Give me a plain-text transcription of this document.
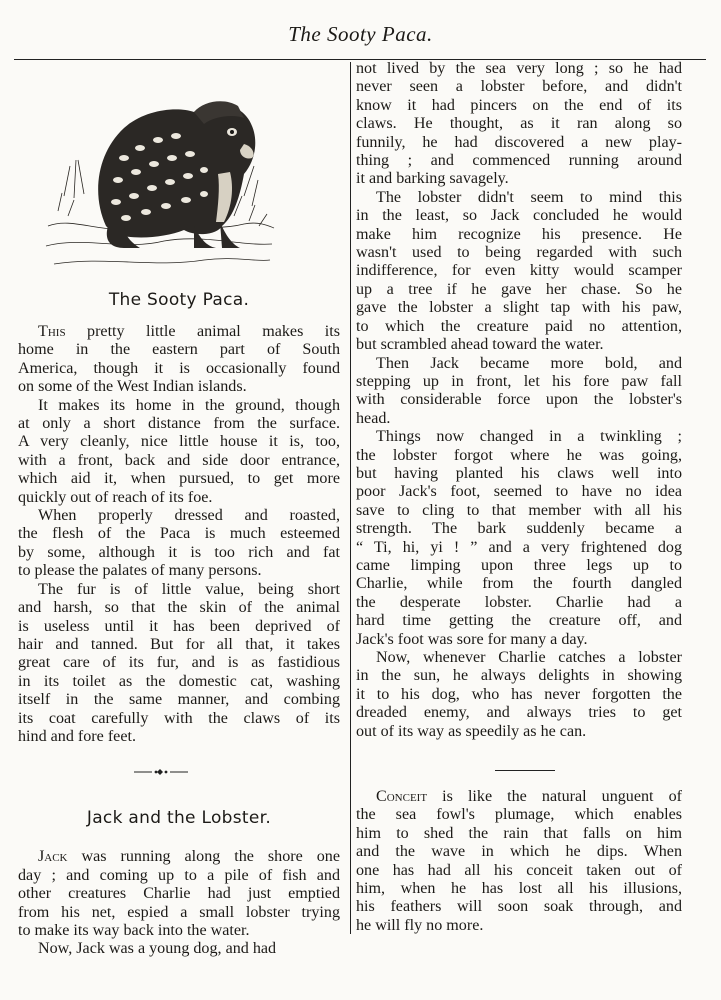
The Sooty Paca.
The Sooty Paca.
This pretty little animal makes its
home in the eastern part of South
America, though it is occasionally found
on some of the West Indian islands.
It makes its home in the ground, though
at only a short distance from the surface.
A very cleanly, nice little house it is, too,
with a front, back and side door entrance,
which aid it, when pursued, to get more
quickly out of reach of its foe.
When properly dressed and roasted,
the flesh of the Paca is much esteemed
by some, although it is too rich and fat
to please the palates of many persons.
The fur is of little value, being short
and harsh, so that the skin of the animal
is useless until it has been deprived of
hair and tanned. But for all that, it takes
great care of its fur, and is as fastidious
in its toilet as the domestic cat, washing
itself in the same manner, and combing
its coat carefully with the claws of its
hind and fore feet.
Jack and the Lobster.
Jack was running along the shore one
day ; and coming up to a pile of fish and
other creatures Charlie had just emptied
from his net, espied a small lobster trying
to make its way back into the water.
Now, Jack was a young dog, and had
not lived by the sea very long ; so he had
never seen a lobster before, and didn't
know it had pincers on the end of its
claws. He thought, as it ran along so
funnily, he had discovered a new play-
thing ; and commenced running around
it and barking savagely.
The lobster didn't seem to mind this
in the least, so Jack concluded he would
make him recognize his presence. He
wasn't used to being regarded with such
indifference, for even kitty would scamper
up a tree if he gave her chase. So he
gave the lobster a slight tap with his paw,
to which the creature paid no attention,
but scrambled ahead toward the water.
Then Jack became more bold, and
stepping up in front, let his fore paw fall
with considerable force upon the lobster's
head.
Things now changed in a twinkling ;
the lobster forgot where he was going,
but having planted his claws well into
poor Jack's foot, seemed to have no idea
save to cling to that member with all his
strength. The bark suddenly became a
“ Ti, hi, yi ! ” and a very frightened dog
came limping upon three legs up to
Charlie, while from the fourth dangled
the desperate lobster. Charlie had a
hard time getting the creature off, and
Jack's foot was sore for many a day.
Now, whenever Charlie catches a lobster
in the sun, he always delights in showing
it to his dog, who has never forgotten the
dreaded enemy, and always tries to get
out of its way as speedily as he can.
Conceit is like the natural unguent of
the sea fowl's plumage, which enables
him to shed the rain that falls on him
and the wave in which he dips. When
one has had all his conceit taken out of
him, when he has lost all his illusions,
his feathers will soon soak through, and
he will fly no more.
